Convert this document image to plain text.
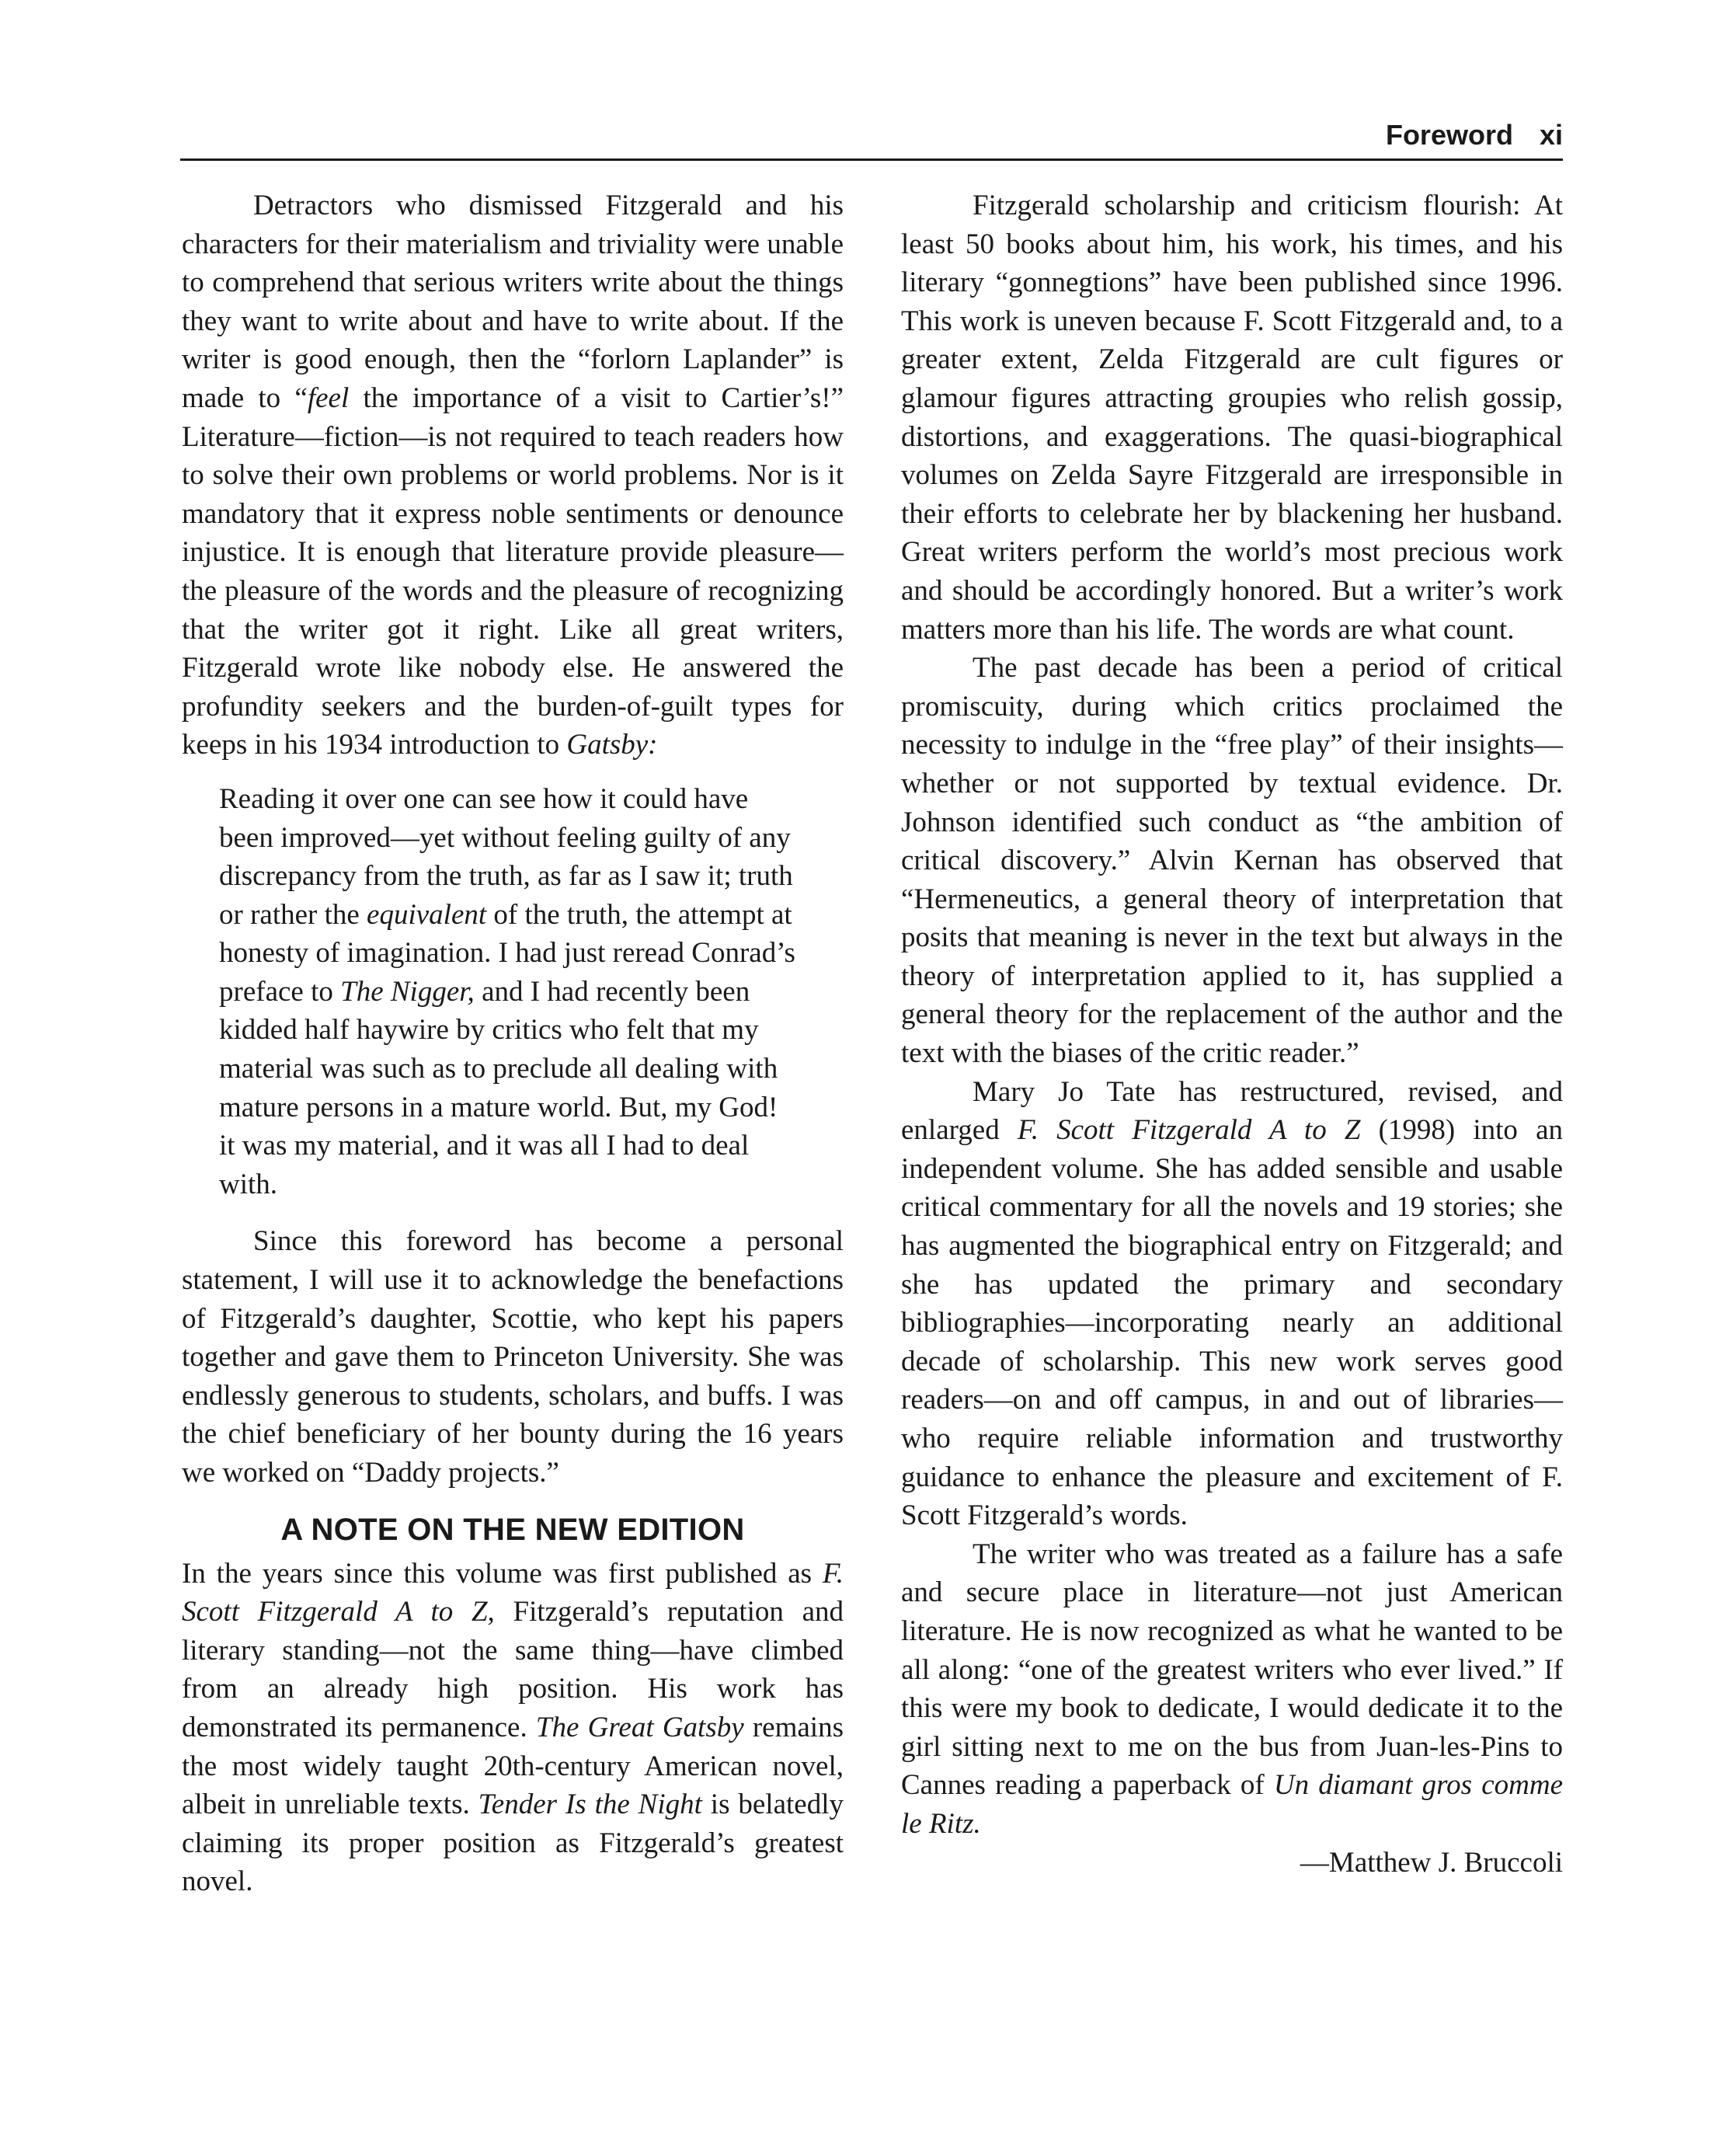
Foreword xi

Detractors who dismissed Fitzgerald and his characters for their materialism and triviality were unable to comprehend that serious writers write about the things they want to write about and have to write about. If the writer is good enough, then the “forlorn Laplander” is made to “feel the importance of a visit to Cartier’s!” Literature—fiction—is not required to teach readers how to solve their own problems or world problems. Nor is it mandatory that it express noble sentiments or denounce injustice. It is enough that literature provide pleasure—the pleasure of the words and the pleasure of recognizing that the writer got it right. Like all great writers, Fitzgerald wrote like nobody else. He answered the profundity seekers and the burden-of-guilt types for keeps in his 1934 introduction to Gatsby:

Reading it over one can see how it could have been improved—yet without feeling guilty of any discrepancy from the truth, as far as I saw it; truth or rather the equivalent of the truth, the attempt at honesty of imagination. I had just reread Conrad’s preface to The Nigger, and I had recently been kidded half haywire by critics who felt that my material was such as to preclude all dealing with mature persons in a mature world. But, my God! it was my material, and it was all I had to deal with.

Since this foreword has become a personal statement, I will use it to acknowledge the benefactions of Fitzgerald’s daughter, Scottie, who kept his papers together and gave them to Princeton University. She was endlessly generous to students, scholars, and buffs. I was the chief beneficiary of her bounty during the 16 years we worked on “Daddy projects.”

A NOTE ON THE NEW EDITION

In the years since this volume was first published as F. Scott Fitzgerald A to Z, Fitzgerald’s reputation and literary standing—not the same thing—have climbed from an already high position. His work has demonstrated its permanence. The Great Gatsby remains the most widely taught 20th-century American novel, albeit in unreliable texts. Tender Is the Night is belatedly claiming its proper position as Fitzgerald’s greatest novel.

Fitzgerald scholarship and criticism flourish: At least 50 books about him, his work, his times, and his literary “gonnegtions” have been published since 1996. This work is uneven because F. Scott Fitzgerald and, to a greater extent, Zelda Fitzgerald are cult figures or glamour figures attracting groupies who relish gossip, distortions, and exaggerations. The quasi-biographical volumes on Zelda Sayre Fitzgerald are irresponsible in their efforts to celebrate her by blackening her husband. Great writers perform the world’s most precious work and should be accordingly honored. But a writer’s work matters more than his life. The words are what count.

The past decade has been a period of critical promiscuity, during which critics proclaimed the necessity to indulge in the “free play” of their insights—whether or not supported by textual evidence. Dr. Johnson identified such conduct as “the ambition of critical discovery.” Alvin Kernan has observed that “Hermeneutics, a general theory of interpretation that posits that meaning is never in the text but always in the theory of interpretation applied to it, has supplied a general theory for the replacement of the author and the text with the biases of the critic reader.”

Mary Jo Tate has restructured, revised, and enlarged F. Scott Fitzgerald A to Z (1998) into an independent volume. She has added sensible and usable critical commentary for all the novels and 19 stories; she has augmented the biographical entry on Fitzgerald; and she has updated the primary and secondary bibliographies—incorporating nearly an additional decade of scholarship. This new work serves good readers—on and off campus, in and out of libraries—who require reliable information and trustworthy guidance to enhance the pleasure and excitement of F. Scott Fitzgerald’s words.

The writer who was treated as a failure has a safe and secure place in literature—not just American literature. He is now recognized as what he wanted to be all along: “one of the greatest writers who ever lived.” If this were my book to dedicate, I would dedicate it to the girl sitting next to me on the bus from Juan-les-Pins to Cannes reading a paperback of Un diamant gros comme le Ritz.

—Matthew J. Bruccoli
